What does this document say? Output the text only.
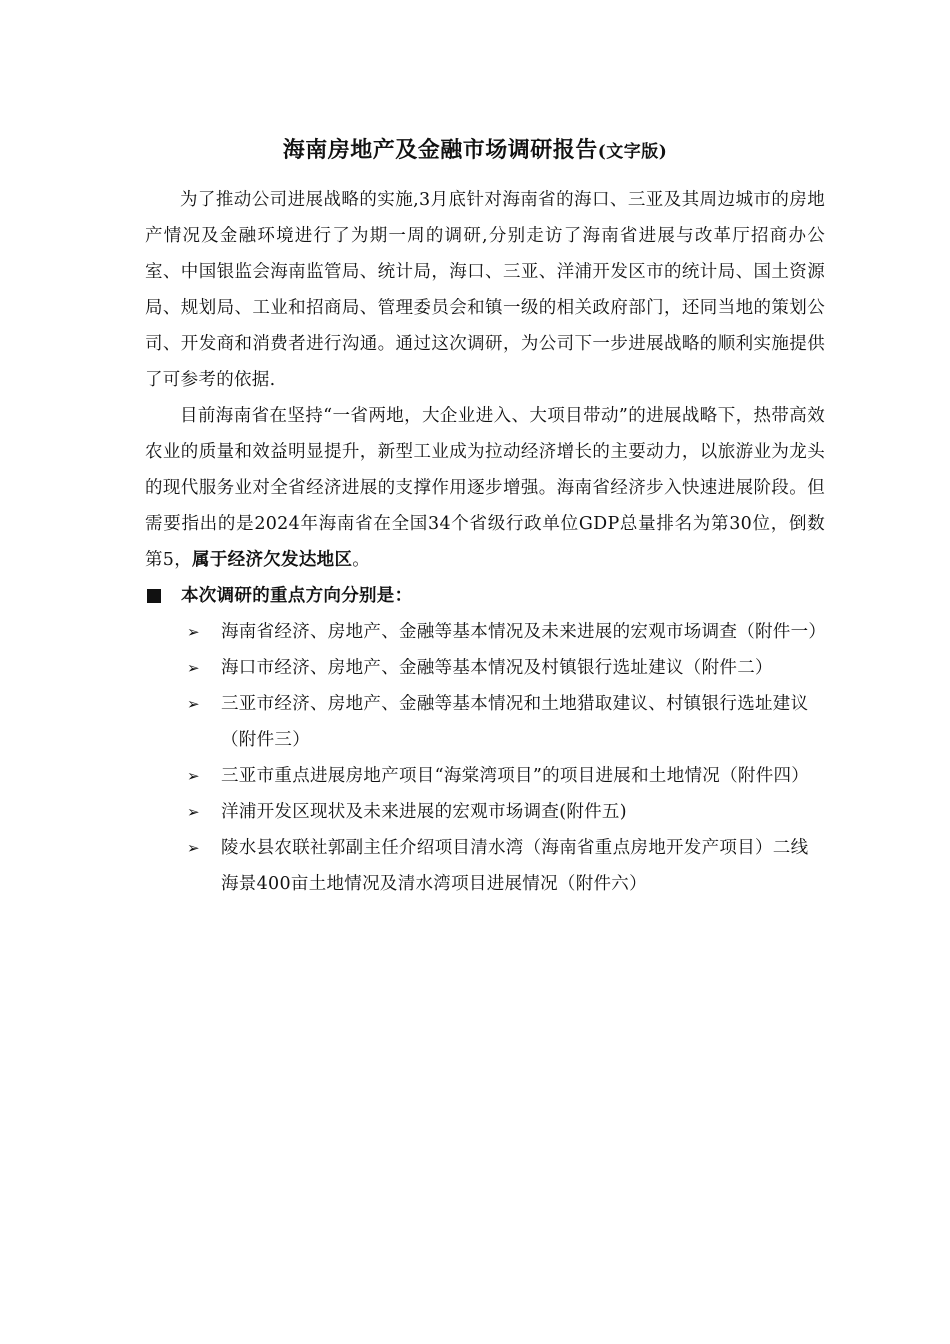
海南房地产及金融市场调研报告(文字版)

为了推动公司进展战略的实施,3月底针对海南省的海口、三亚及其周边城市的房地产情况及金融环境进行了为期一周的调研,分别走访了海南省进展与改革厅招商办公室、中国银监会海南监管局、统计局，海口、三亚、洋浦开发区市的统计局、国土资源局、规划局、工业和招商局、管理委员会和镇一级的相关政府部门，还同当地的策划公司、开发商和消费者进行沟通。通过这次调研，为公司下一步进展战略的顺利实施提供了可参考的依据.

目前海南省在坚持“一省两地，大企业进入、大项目带动”的进展战略下，热带高效农业的质量和效益明显提升，新型工业成为拉动经济增长的主要动力，以旅游业为龙头的现代服务业对全省经济进展的支撑作用逐步增强。海南省经济步入快速进展阶段。但需要指出的是2024年海南省在全国34个省级行政单位GDP总量排名为第30位，倒数第5，属于经济欠发达地区。

本次调研的重点方向分别是：

➢ 海南省经济、房地产、金融等基本情况及未来进展的宏观市场调查（附件一）
➢ 海口市经济、房地产、金融等基本情况及村镇银行选址建议（附件二）
➢ 三亚市经济、房地产、金融等基本情况和土地猎取建议、村镇银行选址建议（附件三）
➢ 三亚市重点进展房地产项目“海棠湾项目”的项目进展和土地情况（附件四）
➢ 洋浦开发区现状及未来进展的宏观市场调查(附件五)
➢ 陵水县农联社郭副主任介绍项目清水湾（海南省重点房地开发产项目）二线海景400亩土地情况及清水湾项目进展情况（附件六）
